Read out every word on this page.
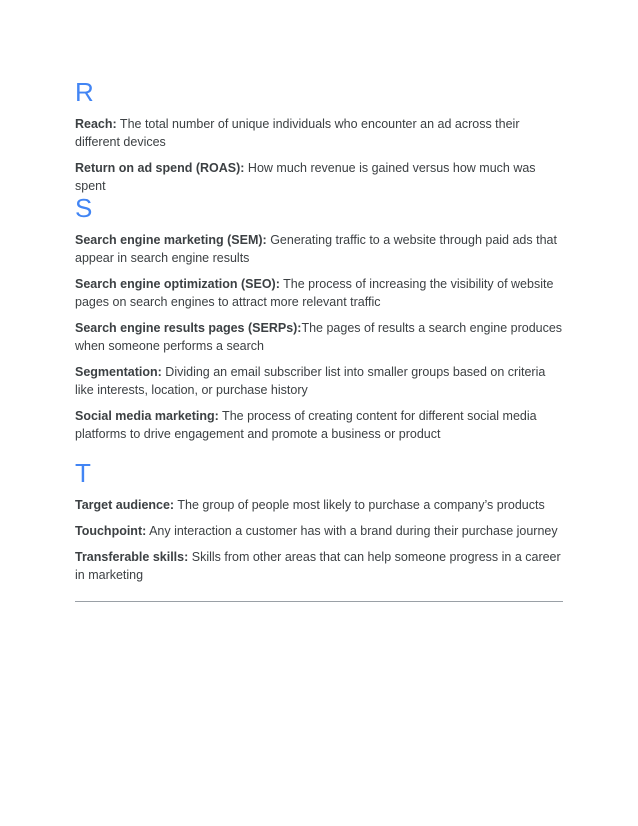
R

Reach: The total number of unique individuals who encounter an ad across their different devices

Return on ad spend (ROAS): How much revenue is gained versus how much was spent

S

Search engine marketing (SEM): Generating traffic to a website through paid ads that appear in search engine results

Search engine optimization (SEO): The process of increasing the visibility of website pages on search engines to attract more relevant traffic

Search engine results pages (SERPs):The pages of results a search engine produces when someone performs a search

Segmentation: Dividing an email subscriber list into smaller groups based on criteria like interests, location, or purchase history

Social media marketing: The process of creating content for different social media platforms to drive engagement and promote a business or product

T

Target audience: The group of people most likely to purchase a company’s products

Touchpoint: Any interaction a customer has with a brand during their purchase journey

Transferable skills: Skills from other areas that can help someone progress in a career in marketing
